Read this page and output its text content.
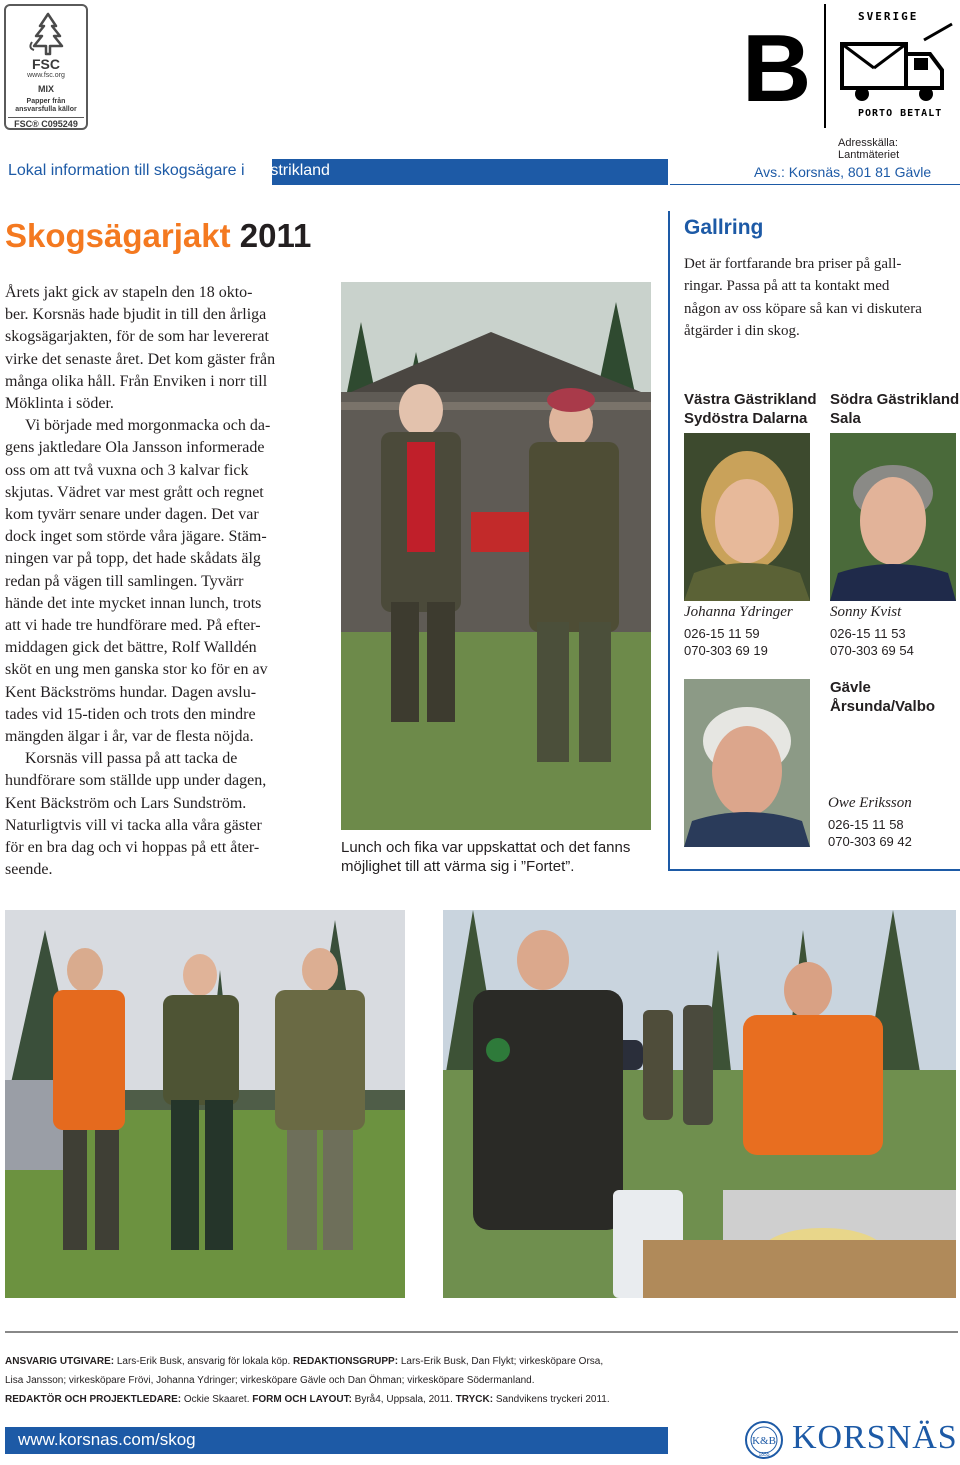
FSC
www.fsc.org
MIX
Papper från
ansvarsfulla källor
FSC® C095249
B	SVERIGE
PORTO BETALT
Adresskälla: Lantmäteriet
Lokal information till skogsägare i Gästrikland	Avs.: Korsnäs, 801 81 Gävle
Skogsägarjakt 2011

Årets jakt gick av stapeln den 18 okto-
ber. Korsnäs hade bjudit in till den årliga
skogsägarjakten, för de som har levererat
virke det senaste året. Det kom gäster från
många olika håll. Från Enviken i norr till
Möklinta i söder.

Vi började med morgonmacka och da-
gens jaktledare Ola Jansson informerade
oss om att två vuxna och 3 kalvar fick
skjutas. Vädret var mest grått och regnet
kom tyvärr senare under dagen. Det var
dock inget som störde våra jägare. Stäm-
ningen var på topp, det hade skådats älg
redan på vägen till samlingen. Tyvärr
hände det inte mycket innan lunch, trots
att vi hade tre hundförare med. På efter-
middagen gick det bättre, Rolf Walldén
sköt en ung men ganska stor ko för en av
Kent Bäckströms hundar. Dagen avslu-
tades vid 15-tiden och trots den mindre
mängden älgar i år, var de flesta nöjda.

Korsnäs vill passa på att tacka de
hundförare som ställde upp under dagen,
Kent Bäckström och Lars Sundström.
Naturligtvis vill vi tacka alla våra gäster
för en bra dag och vi hoppas på ett åter-
seende.

Lunch och fika var uppskattat och det fanns
möjlighet till att värma sig i ”Fortet”.
Gallring
Det är fortfarande bra priser på gall-
ringar. Passa på att ta kontakt med
någon av oss köpare så kan vi diskutera
åtgärder i din skog.
Västra Gästrikland
Sydöstra Dalarna
Johanna Ydringer
026-15 11 59
070-303 69 19
Södra Gästrikland
Sala
Sonny Kvist
026-15 11 53
070-303 69 54
Gävle
Årsunda/Valbo
Owe Eriksson
026-15 11 58
070-303 69 42
ANSVARIG UTGIVARE: Lars-Erik Busk, ansvarig för lokala köp. REDAKTIONSGRUPP: Lars-Erik Busk, Dan Flykt; virkesköpare Orsa,
Lisa Jansson; virkesköpare Frövi, Johanna Ydringer; virkesköpare Gävle och Dan Öhman; virkesköpare Södermanland.
REDAKTÖR OCH PROJEKTLEDARE: Ockie Skaaret. FORM OCH LAYOUT: Byrå4, Uppsala, 2011. TRYCK: Sandvikens tryckeri 2011.
www.korsnas.com/skog	K&B
1855 KORSNÄS
